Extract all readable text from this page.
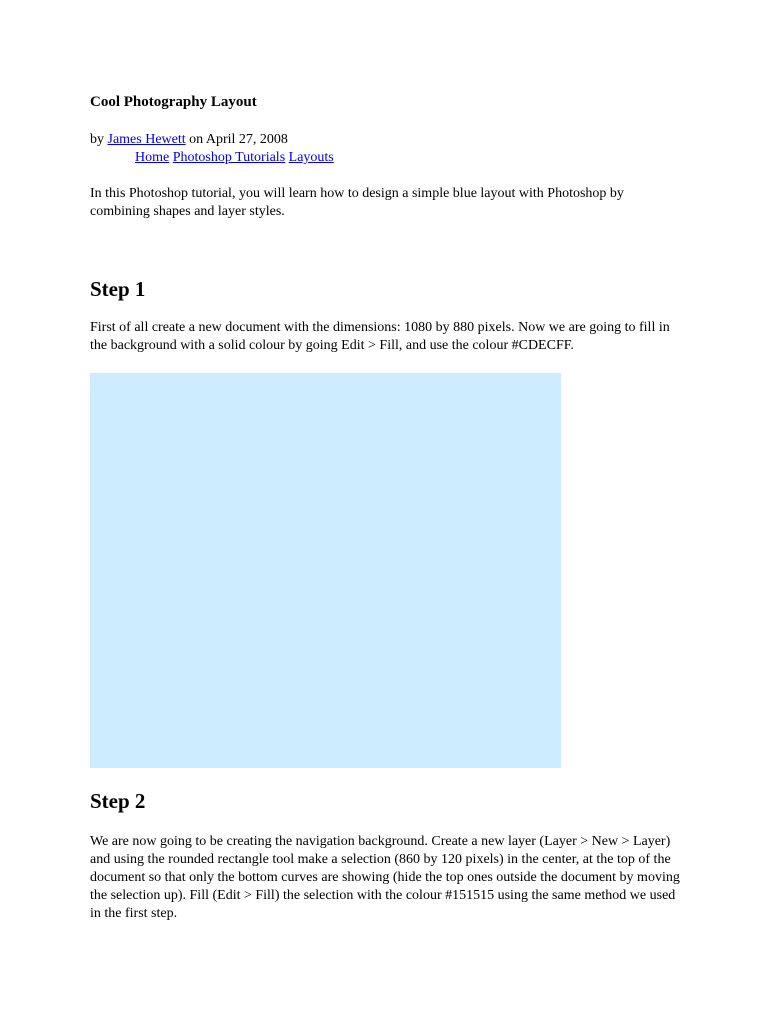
Cool Photography Layout
by James Hewett on April 27, 2008
Home Photoshop Tutorials Layouts

In this Photoshop tutorial, you will learn how to design a simple blue layout with Photoshop by combining shapes and layer styles.

Step 1

First of all create a new document with the dimensions: 1080 by 880 pixels. Now we are going to fill in the background with a solid colour by going Edit > Fill, and use the colour #CDECFF.

Step 2

We are now going to be creating the navigation background. Create a new layer (Layer > New > Layer) and using the rounded rectangle tool make a selection (860 by 120 pixels) in the center, at the top of the document so that only the bottom curves are showing (hide the top ones outside the document by moving the selection up). Fill (Edit > Fill) the selection with the colour #151515 using the same method we used in the first step.
